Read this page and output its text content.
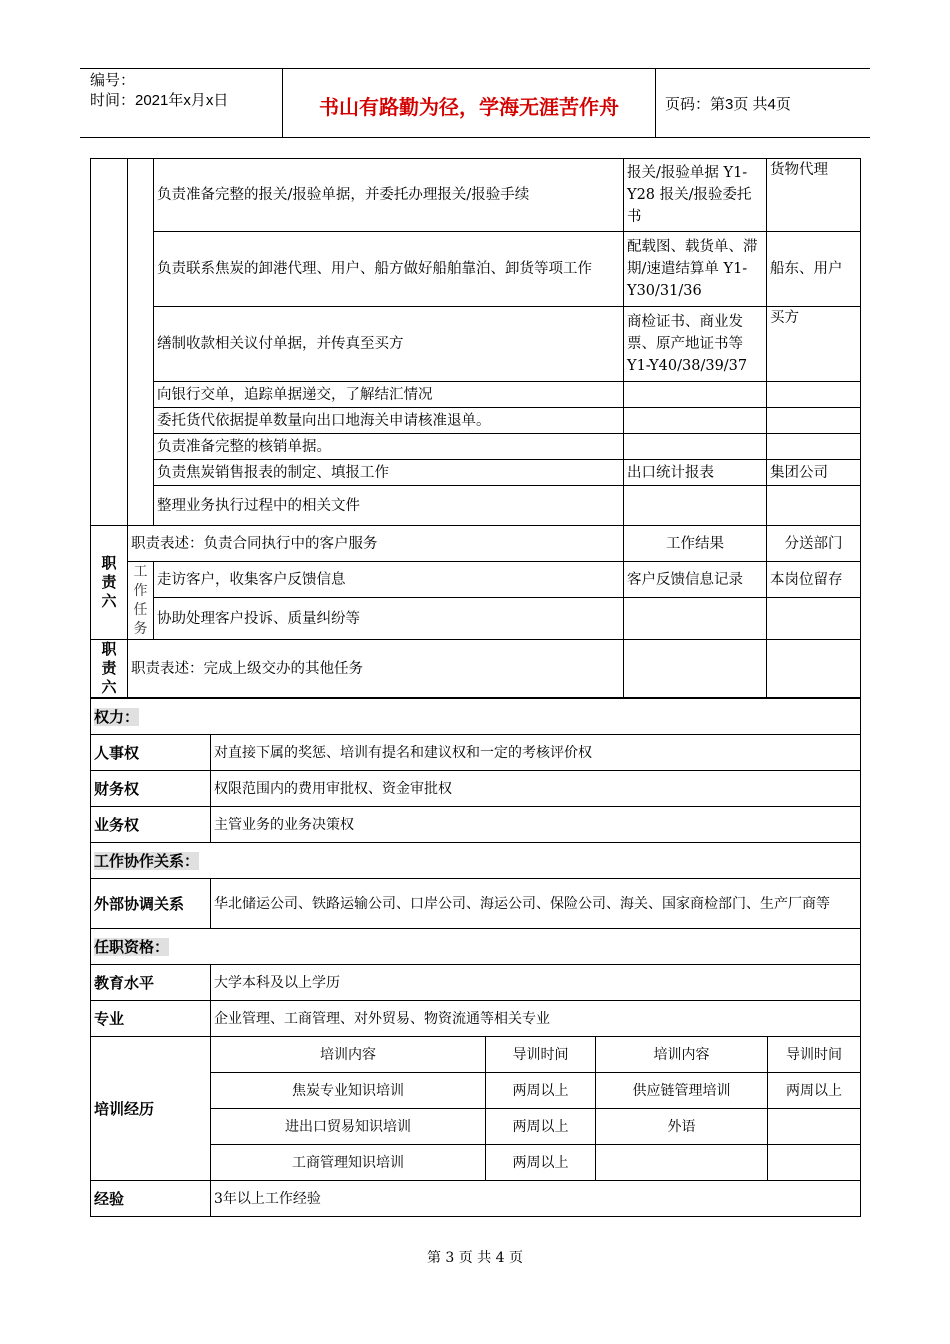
编号：
时间：2021年x月x日	书山有路勤为径，学海无涯苦作舟	页码：第3页 共4页
		负责准备完整的报关/报验单据，并委托办理报关/报验手续	报关/报验单据 Y1-Y28 报关/报验委托书	货物代理
		负责联系焦炭的卸港代理、用户、船方做好船舶靠泊、卸货等项工作	配载图、载货单、滞期/速遣结算单 Y1-Y30/31/36	船东、用户
		缮制收款相关议付单据，并传真至买方	商检证书、商业发票、原产地证书等 Y1-Y40/38/39/37	买方
		向银行交单，追踪单据递交，了解结汇情况		
		委托货代依据提单数量向出口地海关申请核准退单。		
		负责准备完整的核销单据。		
		负责焦炭销售报表的制定、填报工作	出口统计报表	集团公司
		整理业务执行过程中的相关文件		
职责六	职责表述：负责合同执行中的客户服务		工作结果	分送部门
	工作任务	走访客户，收集客户反馈信息	客户反馈信息记录	本岗位留存
		协助处理客户投诉、质量纠纷等		
职责六	职责表述：完成上级交办的其他任务			
权力：				
人事权	对直接下属的奖惩、培训有提名和建议权和一定的考核评价权			
财务权	权限范围内的费用审批权、资金审批权			
业务权	主管业务的业务决策权			
工作协作关系：				
外部协调关系	华北储运公司、铁路运输公司、口岸公司、海运公司、保险公司、海关、国家商检部门、生产厂商等			
任职资格：				
教育水平	大学本科及以上学历			
专业	企业管理、工商管理、对外贸易、物资流通等相关专业			
培训经历	培训内容	导训时间	培训内容	导训时间
	焦炭专业知识培训	两周以上	供应链管理培训	两周以上
	进出口贸易知识培训	两周以上	外语	
	工商管理知识培训	两周以上		
经验	3年以上工作经验			
第 3 页 共 4 页
